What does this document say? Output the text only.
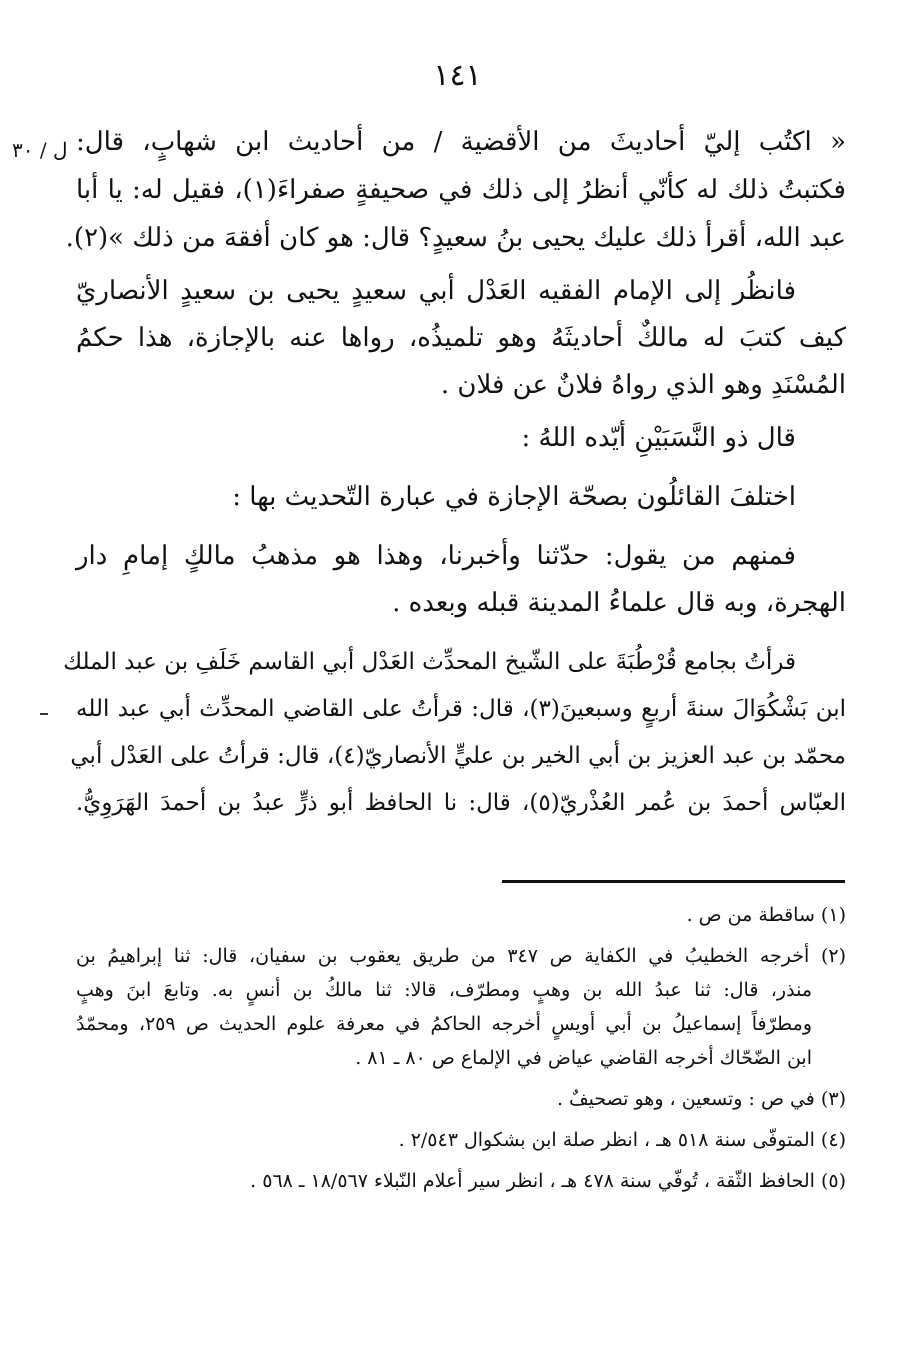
١٤١
ل / ٣٠ « اكتُب إليّ أحاديثَ من الأقضية / من أحاديث ابن شهابٍ، قال:
فكتبتُ ذلك له كأنّي أنظرُ إلى ذلك في صحيفةٍ صفراءَ(١)، فقيل له: يا أبا
عبد الله، أقرأ ذلك عليك يحيى بنُ سعيدٍ؟ قال: هو كان أفقهَ من ذلك »(٢).
فانظُر إلى الإمام الفقيه العَدْل أبي سعيدٍ يحيى بن سعيدٍ الأنصاريّ
كيف كتبَ له مالكٌ أحاديثَهُ وهو تلميذُه، رواها عنه بالإجازة، هذا حكمُ
المُسْنَدِ وهو الذي رواهُ فلانٌ عن فلان .
قال ذو النَّسَبَيْنِ أيّده اللهُ :
اختلفَ القائلُون بصحّة الإجازة في عبارة التّحديث بها :
فمنهم من يقول: حدّثنا وأخبرنا، وهذا هو مذهبُ مالكٍ إمامِ دار
الهجرة، وبه قال علماءُ المدينة قبله وبعده .
قرأتُ بجامع قُرْطُبَةَ على الشّيخ المحدِّث العَدْل أبي القاسم خَلَفِ بن عبد الملك
ابن بَشْكُوَالَ سنةَ أربعٍ وسبعينَ(٣)، قال: قرأتُ على القاضي المحدِّث أبي عبد الله
محمّد بن عبد العزيز بن أبي الخير بن عليٍّ الأنصاريّ(٤)، قال: قرأتُ على العَدْل أبي
العبّاس أحمدَ بن عُمر العُذْريّ(٥)، قال: نا الحافظ أبو ذرٍّ عبدُ بن أحمدَ الهَرَوِيُّ.
(١) ساقطة من ص .
(٢) أخرجه الخطيبُ في الكفاية ص ٣٤٧ من طريق يعقوب بن سفيان، قال: ثنا إبراهيمُ بن
منذر، قال: ثنا عبدُ الله بن وهبٍ ومطرّف، قالا: ثنا مالكُ بن أنسٍ به. وتابعَ ابنَ وهبٍ
ومطرّفاً إسماعيلُ بن أبي أويسٍ أخرجه الحاكمُ في معرفة علوم الحديث ص ٢٥٩، ومحمّدُ
ابن الضّحّاك أخرجه القاضي عياض في الإلماع ص ٨٠ ـ ٨١ .
(٣) في ص : وتسعين ، وهو تصحيفٌ .
(٤) المتوفّى سنة ٥١٨ هـ ، انظر صلة ابن بشكوال ٢/٥٤٣ .
(٥) الحافظ الثّقة ، تُوفّي سنة ٤٧٨ هـ ، انظر سير أعلام النّبلاء ١٨/٥٦٧ ـ ٥٦٨ .
